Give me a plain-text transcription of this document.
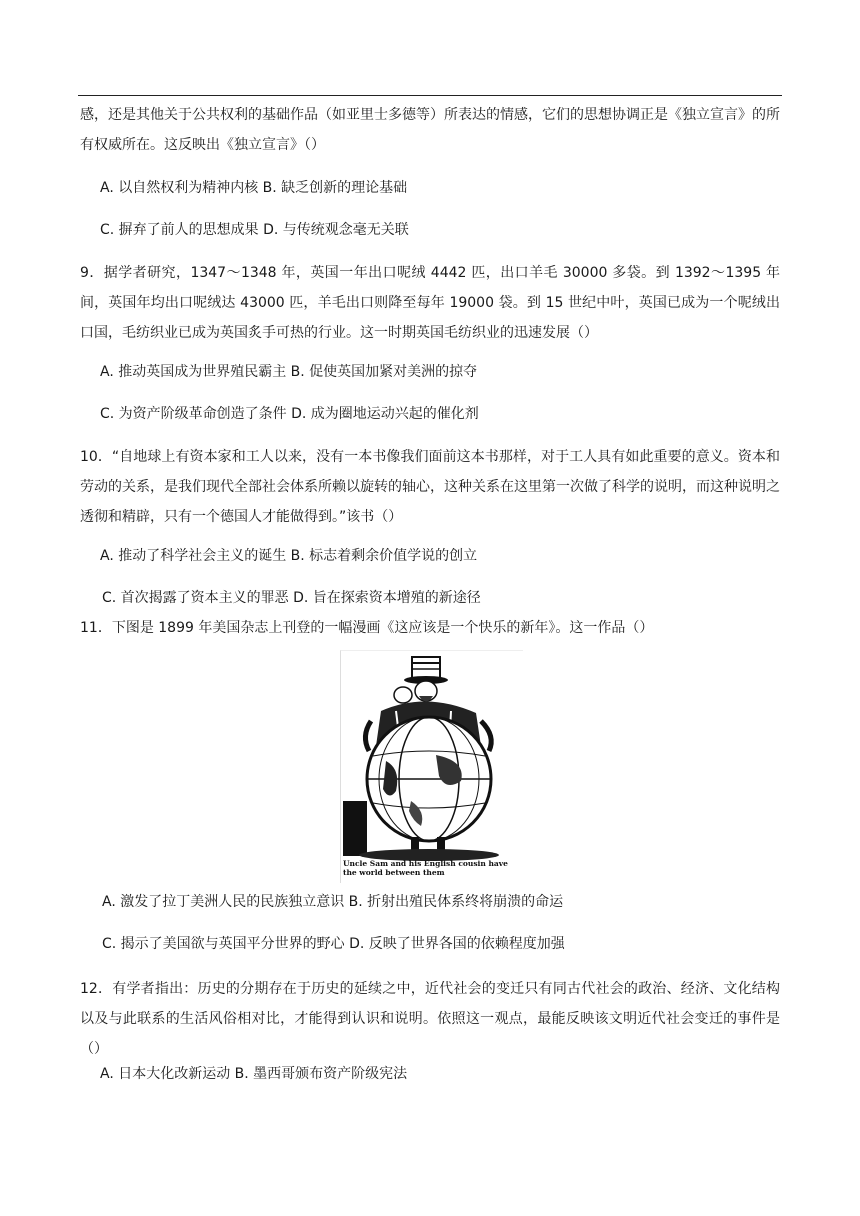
感，还是其他关于公共权利的基础作品（如亚里士多德等）所表达的情感，它们的思想协调正是《独立宣言》的所有权威所在。这反映出《独立宣言》（）

A. 以自然权利为精神内核 B. 缺乏创新的理论基础

C. 摒弃了前人的思想成果 D. 与传统观念毫无关联

9．据学者研究，1347～1348 年，英国一年出口呢绒 4442 匹，出口羊毛 30000 多袋。到 1392～1395 年间，英国年均出口呢绒达 43000 匹，羊毛出口则降至每年 19000 袋。到 15 世纪中叶，英国已成为一个呢绒出口国，毛纺织业已成为英国炙手可热的行业。这一时期英国毛纺织业的迅速发展（）

A. 推动英国成为世界殖民霸主 B. 促使英国加紧对美洲的掠夺

C. 为资产阶级革命创造了条件 D. 成为圈地运动兴起的催化剂

10．“自地球上有资本家和工人以来，没有一本书像我们面前这本书那样，对于工人具有如此重要的意义。资本和劳动的关系，是我们现代全部社会体系所赖以旋转的轴心，这种关系在这里第一次做了科学的说明，而这种说明之透彻和精辟，只有一个德国人才能做得到。”该书（）

A. 推动了科学社会主义的诞生 B. 标志着剩余价值学说的创立

C. 首次揭露了资本主义的罪恶 D. 旨在探索资本增殖的新途径

11．下图是 1899 年美国杂志上刊登的一幅漫画《这应该是一个快乐的新年》。这一作品（）

Uncle Sam and his English cousin have the world between them

A. 激发了拉丁美洲人民的民族独立意识 B. 折射出殖民体系终将崩溃的命运

C. 揭示了美国欲与英国平分世界的野心 D. 反映了世界各国的依赖程度加强

12．有学者指出：历史的分期存在于历史的延续之中，近代社会的变迁只有同古代社会的政治、经济、文化结构以及与此联系的生活风俗相对比，才能得到认识和说明。依照这一观点，最能反映该文明近代社会变迁的事件是（）

A. 日本大化改新运动 B. 墨西哥颁布资产阶级宪法
